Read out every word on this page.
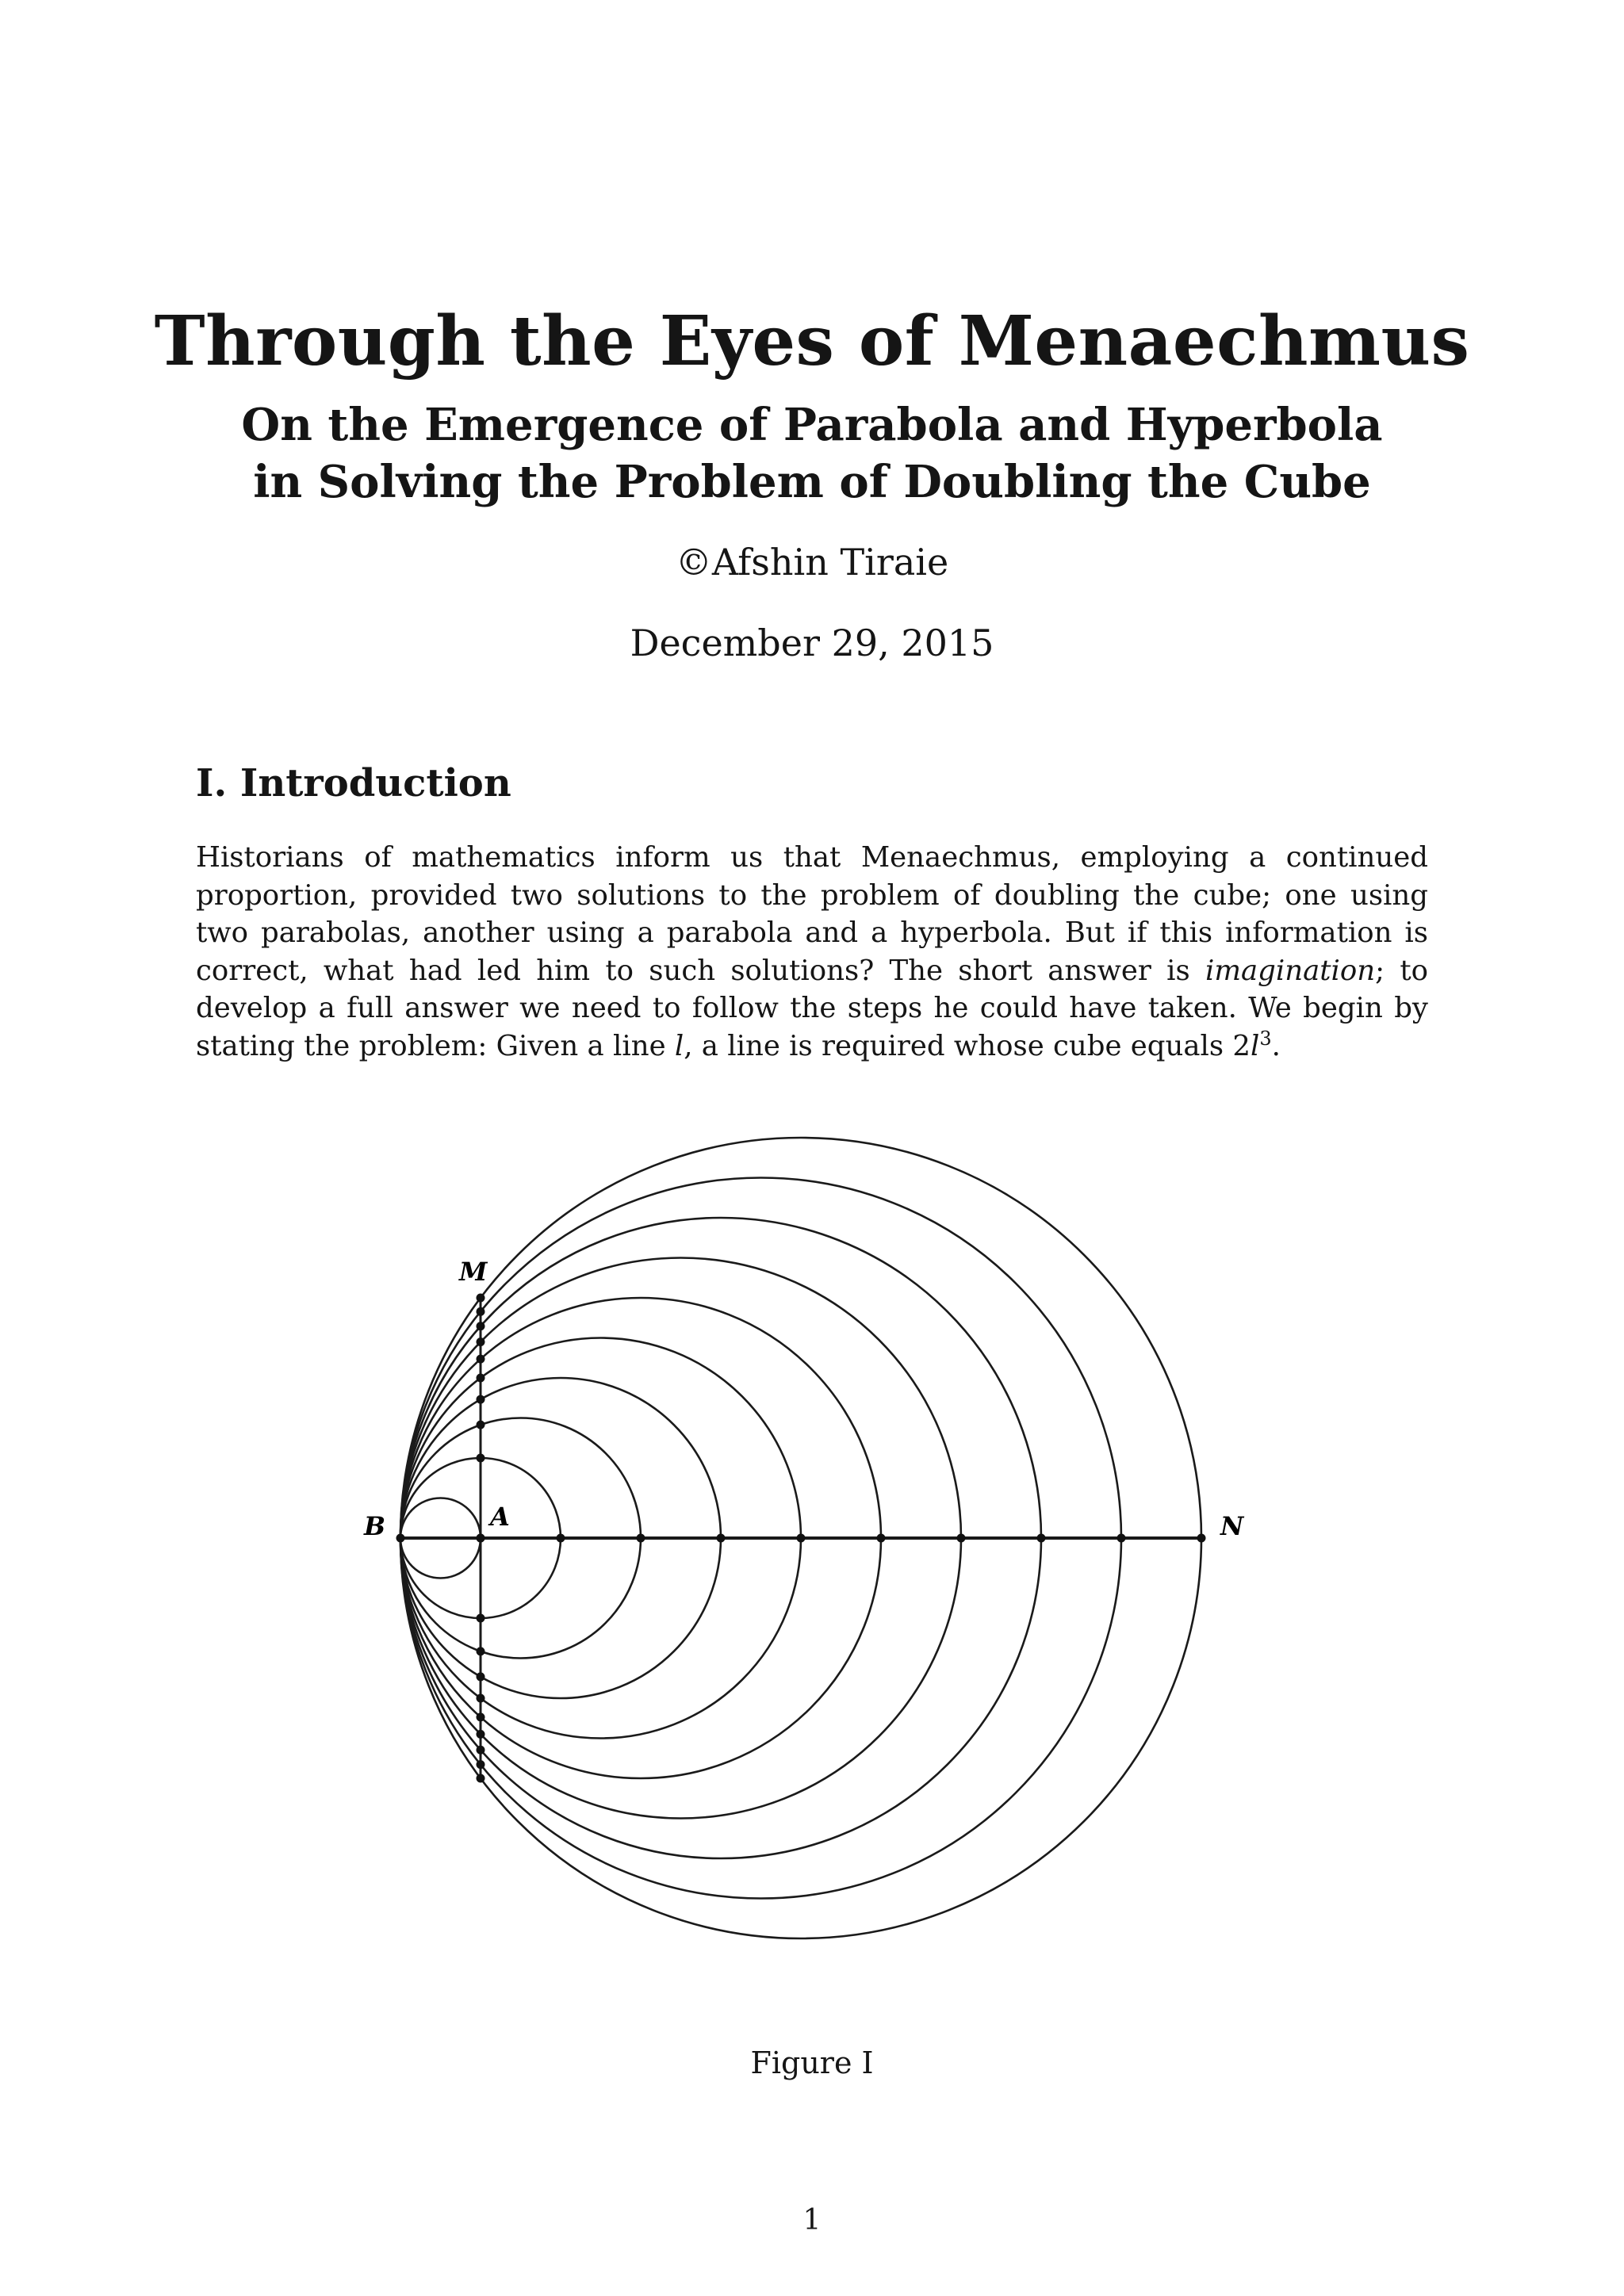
Through the Eyes of Menaechmus
On the Emergence of Parabola and Hyperbola in Solving the Problem of Doubling the Cube
©Afshin Tiraie
December 29, 2015
I. Introduction

Historians of mathematics inform us that Menaechmus, employing a continued proportion, provided two solutions to the problem of doubling the cube; one using two parabolas, another using a parabola and a hyperbola. But if this information is correct, what had led him to such solutions? The short answer is imagination; to develop a full answer we need to follow the steps he could have taken. We begin by stating the problem: Given a line l, a line is required whose cube equals $2l^3$.

M
A
B	N
Figure I
1
